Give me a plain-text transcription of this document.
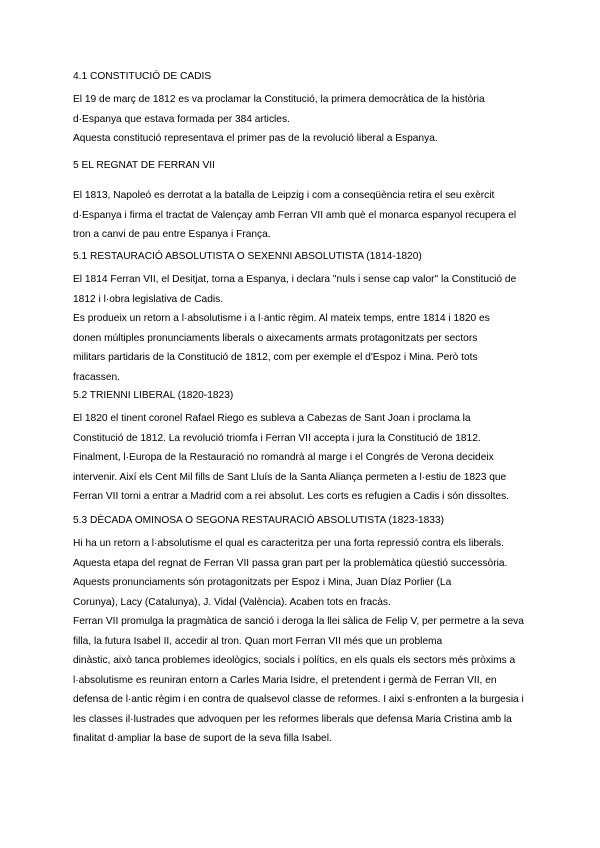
4.1 CONSTITUCIÓ DE CADIS

El 19 de març de 1812 es va proclamar la Constitució, la primera democràtica de la història

d·Espanya que estava formada per 384 articles.

Aquesta constitució representava el primer pas de la revolució liberal a Espanya.

5 EL REGNAT DE FERRAN VII

El 1813, Napoleó es derrotat a la batalla de Leipzig i com a conseqüència retira el seu exèrcit

d·Espanya i firma el tractat de Valençay amb Ferran VII amb què el monarca espanyol recupera el

tron a canvi de pau entre Espanya i França.

5.1 RESTAURACIÓ ABSOLUTISTA O SEXENNI ABSOLUTISTA (1814-1820)

El 1814 Ferran VII, el Desitjat, torna a Espanya, i declara "nuls i sense cap valor" la Constitució de

1812 i l·obra legislativa de Cadis.

Es produeix un retorn a l·absolutisme i a l·antic règim. Al mateix temps, entre 1814 i 1820 es

donen múltiples pronunciaments liberals o aixecaments armats protagonitzats per sectors

militars partidaris de la Constitució de 1812, com per exemple el d'Espoz i Mina. Però tots

fracassen.

5.2 TRIENNI LIBERAL (1820-1823)

El 1820 el tinent coronel Rafael Riego es subleva a Cabezas de Sant Joan i proclama la

Constitució de 1812. La revolució triomfa i Ferran VII accepta i jura la Constitució de 1812.

Finalment, l·Europa de la Restauració no romandrà al marge i el Congrés de Verona decideix

intervenir. Així els Cent Mil fills de Sant Lluís de la Santa Aliança permeten a l·estiu de 1823 que

Ferran VII torni a entrar a Madrid com a rei absolut. Les corts es refugien a Cadis i són dissoltes.

5.3 DÈCADA OMINOSA O SEGONA RESTAURACIÓ ABSOLUTISTA (1823-1833)

Hi ha un retorn a l·absolutisme el qual es caracteritza per una forta repressió contra els liberals.

Aquesta etapa del regnat de Ferran VII passa gran part per la problemàtica qüestió successòria.

Aquests pronunciaments són protagonitzats per Espoz i Mina, Juan Díaz Porlier (La

Corunya), Lacy (Catalunya), J. Vidal (València). Acaben tots en fracàs.

Ferran VII promulga la pragmàtica de sanció i deroga la llei sàlica de Felip V, per permetre a la seva

filla, la futura Isabel II, accedir al tron. Quan mort Ferran VII més que un problema

dinàstic, això tanca problemes ideològics, socials i polítics, en els quals els sectors més pròxims a

l·absolutisme es reuniran entorn a Carles Maria Isidre, el pretendent i germà de Ferran VII, en

defensa de l·antic règim i en contra de qualsevol classe de reformes. I així s·enfronten a la burgesia i

les classes il·lustrades que advoquen per les reformes liberals que defensa Maria Cristina amb la

finalitat d·ampliar la base de suport de la seva filla Isabel.
